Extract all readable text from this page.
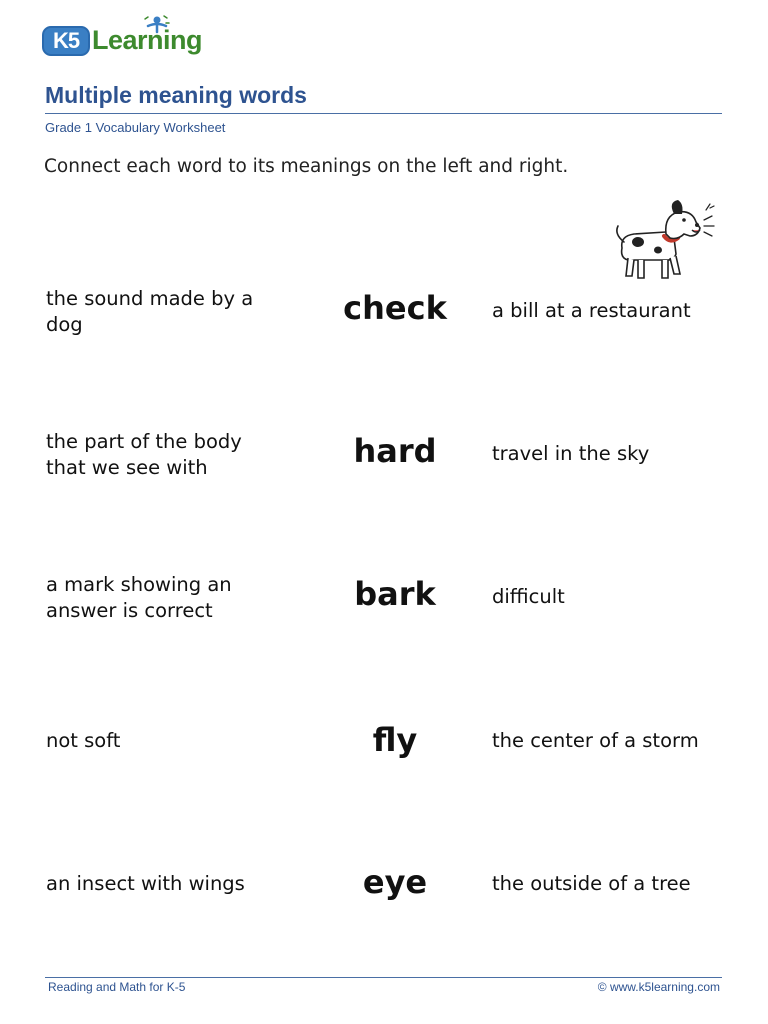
K5 Learning
Multiple meaning words
Grade 1 Vocabulary Worksheet
Connect each word to its meanings on the left and right.
the sound made by a
dog	check	a bill at a restaurant
the part of the body
that we see with	hard	travel in the sky
a mark showing an
answer is correct	bark	difficult
not soft	fly	the center of a storm
an insect with wings	eye	the outside of a tree
Reading and Math for K-5	© www.k5learning.com
